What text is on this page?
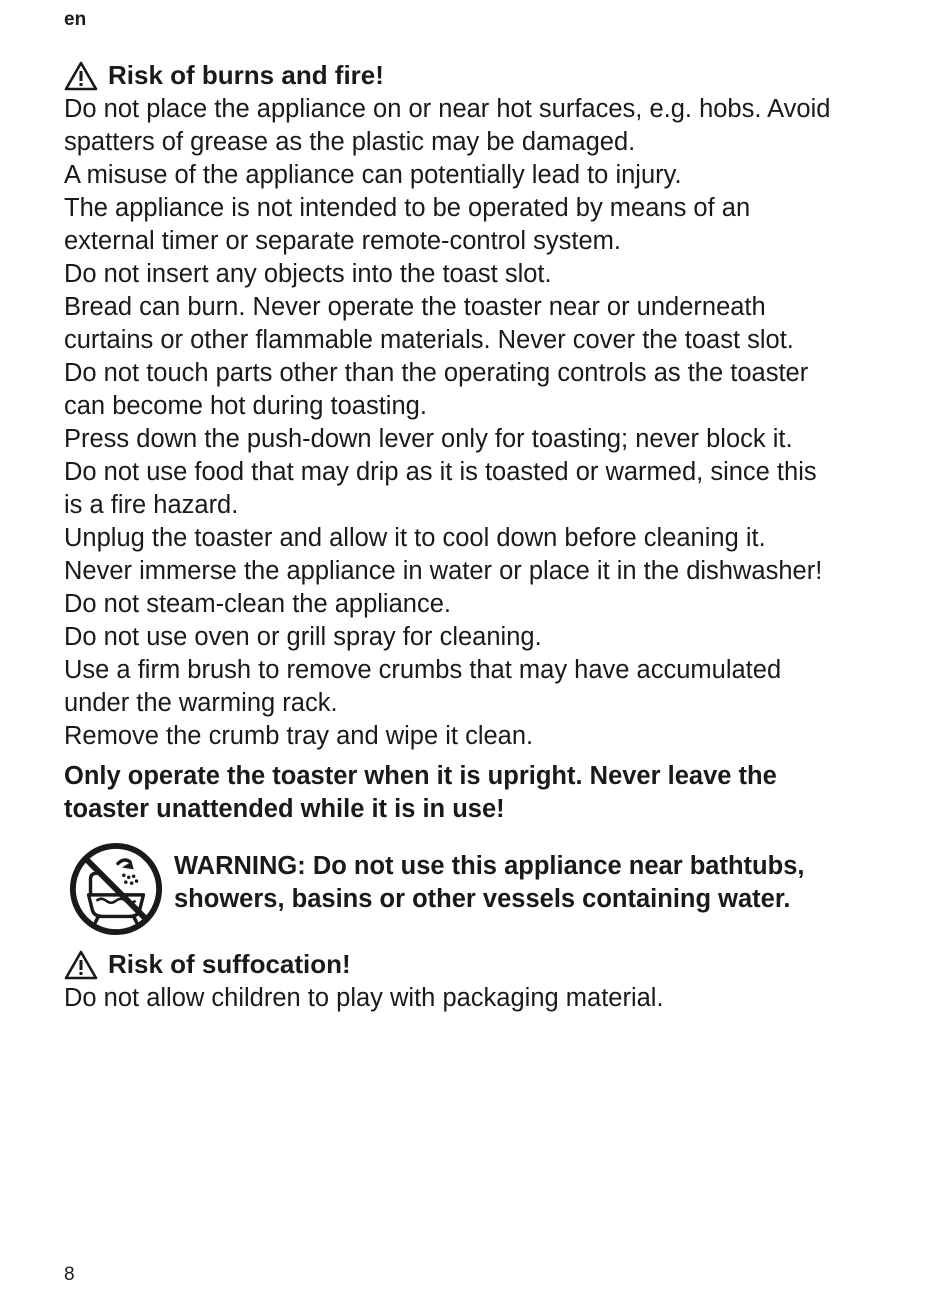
en
Risk of burns and fire!
Do not place the appliance on or near hot surfaces, e.g. hobs. Avoid
spatters of grease as the plastic may be damaged.
A misuse of the appliance can potentially lead to injury.
The appliance is not intended to be operated by means of an
external timer or separate remote-control system.
Do not insert any objects into the toast slot.
Bread can burn. Never operate the toaster near or underneath
curtains or other flammable materials. Never cover the toast slot.
Do not touch parts other than the operating controls as the toaster
can become hot during toasting.
Press down the push-down lever only for toasting; never block it.
Do not use food that may drip as it is toasted or warmed, since this
is a fire hazard.
Unplug the toaster and allow it to cool down before cleaning it.
Never immerse the appliance in water or place it in the dishwasher!
Do not steam-clean the appliance.
Do not use oven or grill spray for cleaning.
Use a firm brush to remove crumbs that may have accumulated
under the warming rack.
Remove the crumb tray and wipe it clean.
Only operate the toaster when it is upright. Never leave the
toaster unattended while it is in use!
WARNING: Do not use this appliance near bathtubs,
showers, basins or other vessels containing water.
Risk of suffocation!
Do not allow children to play with packaging material.
8
